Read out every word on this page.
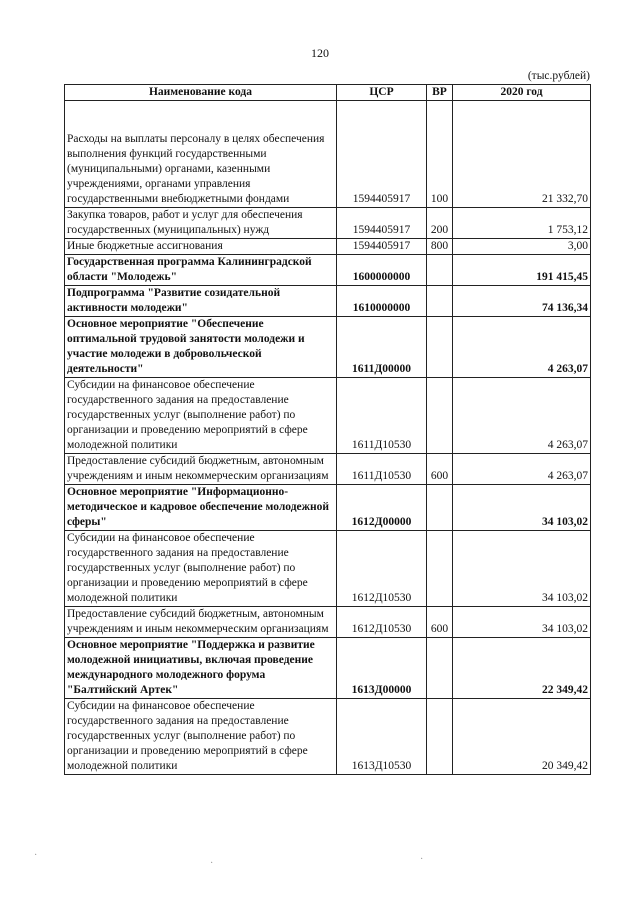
120
(тыс.рублей)
Наименование кода	ЦСР	ВР	2020 год
Расходы на выплаты персоналу в целях обеспечения выполнения функций государственными (муниципальными) органами, казенными учреждениями, органами управления государственными внебюджетными фондами	1594405917	100	21 332,70
Закупка товаров, работ и услуг для обеспечения государственных (муниципальных) нужд	1594405917	200	1 753,12
Иные бюджетные ассигнования	1594405917	800	3,00
Государственная программа Калининградской области "Молодежь"	1600000000		191 415,45
Подпрограмма "Развитие созидательной активности молодежи"	1610000000		74 136,34
Основное мероприятие "Обеспечение оптимальной трудовой занятости молодежи и участие молодежи в добровольческой деятельности"	1611Д00000		4 263,07
Субсидии на финансовое обеспечение государственного задания на предоставление государственных услуг (выполнение работ) по организации и проведению мероприятий в сфере молодежной политики	1611Д10530		4 263,07
Предоставление субсидий бюджетным, автономным учреждениям и иным некоммерческим организациям	1611Д10530	600	4 263,07
Основное мероприятие "Информационно-методическое и кадровое обеспечение молодежной сферы"	1612Д00000		34 103,02
Субсидии на финансовое обеспечение государственного задания на предоставление государственных услуг (выполнение работ) по организации и проведению мероприятий в сфере молодежной политики	1612Д10530		34 103,02
Предоставление субсидий бюджетным, автономным учреждениям и иным некоммерческим организациям	1612Д10530	600	34 103,02
Основное мероприятие "Поддержка и развитие молодежной инициативы, включая проведение международного молодежного форума "Балтийский Артек"	1613Д00000		22 349,42
Субсидии на финансовое обеспечение государственного задания на предоставление государственных услуг (выполнение работ) по организации и проведению мероприятий в сфере молодежной политики	1613Д10530		20 349,42
·
·	·
